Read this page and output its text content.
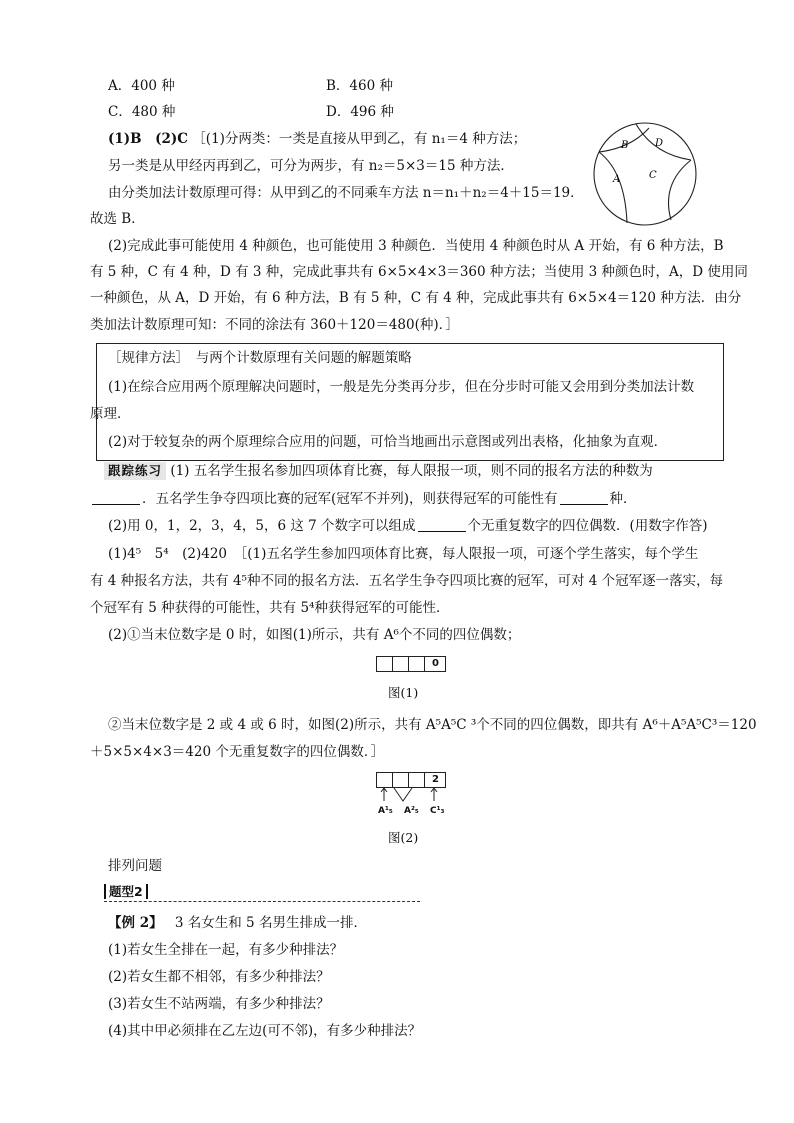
A．400 种	B．460 种
C．480 种	D．496 种
(1)B　(2)C ［(1)分两类：一类是直接从甲到乙，有 n₁＝4 种方法；
另一类是从甲经丙再到乙，可分为两步，有 n₂＝5×3＝15 种方法．
由分类加法计数原理可得：从甲到乙的不同乘车方法 n＝n₁＋n₂＝4＋15＝19．
故选 B．
(2)完成此事可能使用 4 种颜色，也可能使用 3 种颜色．当使用 4 种颜色时从 A 开始，有 6 种方法，B
有 5 种，C 有 4 种，D 有 3 种，完成此事共有 6×5×4×3＝360 种方法；当使用 3 种颜色时，A，D 使用同
一种颜色，从 A，D 开始，有 6 种方法，B 有 5 种，C 有 4 种，完成此事共有 6×5×4＝120 种方法．由分
类加法计数原理可知：不同的涂法有 360＋120＝480(种)．］
B	D
A	C
［规律方法］　与两个计数原理有关问题的解题策略
(1)在综合应用两个原理解决问题时，一般是先分类再分步，但在分步时可能又会用到分类加法计数
原理．
(2)对于较复杂的两个原理综合应用的问题，可恰当地画出示意图或列出表格，化抽象为直观．
跟踪练习 (1) 五名学生报名参加四项体育比赛，每人限报一项，则不同的报名方法的种数为
．五名学生争夺四项比赛的冠军(冠军不并列)，则获得冠军的可能性有	种．
(2)用 0，1，2，3，4，5，6 这 7 个数字可以组成	个无重复数字的四位偶数．(用数字作答)
(1)4⁵　5⁴　(2)420　［(1)五名学生参加四项体育比赛，每人限报一项，可逐个学生落实，每个学生
有 4 种报名方法，共有 4⁵种不同的报名方法．五名学生争夺四项比赛的冠军，可对 4 个冠军逐一落实，每
个冠军有 5 种获得的可能性，共有 5⁴种获得冠军的可能性．
(2)①当末位数字是 0 时，如图(1)所示，共有 A⁶个不同的四位偶数；
0
图(1)
②当末位数字是 2 或 4 或 6 时，如图(2)所示，共有 A⁵A⁵C ³个不同的四位偶数，即共有 A⁶＋A⁵A⁵C³＝120
＋5×5×4×3＝420 个无重复数字的四位偶数．］
2
A¹₅ A²₅ C¹₃
图(2)
排列问题
题型2
【例 2】 3 名女生和 5 名男生排成一排．
(1)若女生全排在一起，有多少种排法？
(2)若女生都不相邻，有多少种排法？
(3)若女生不站两端，有多少种排法？
(4)其中甲必须排在乙左边(可不邻)，有多少种排法？
